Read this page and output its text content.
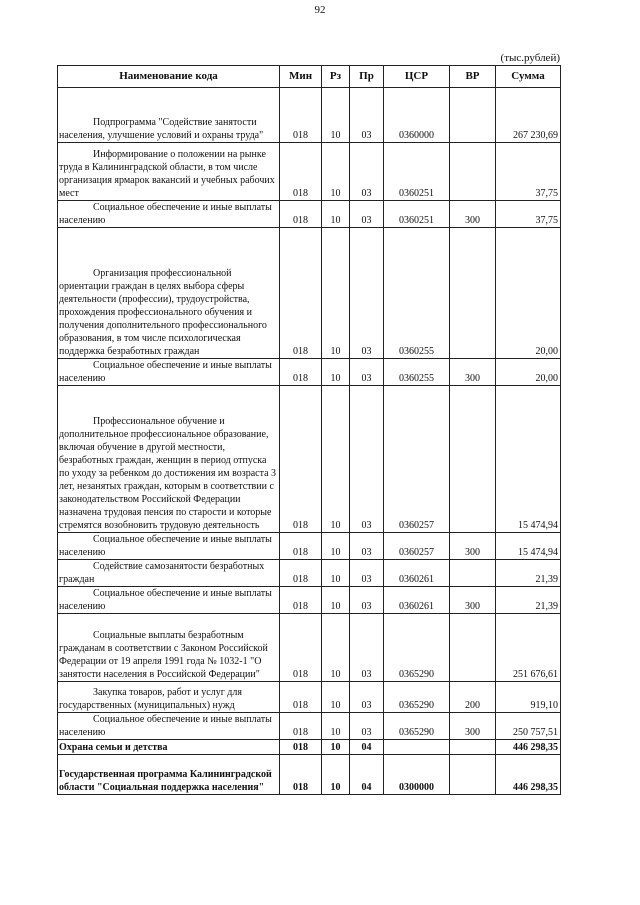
92
(тыс.рублей)
Наименование кода	Мин	Рз	Пр	ЦСР	ВР	Сумма
Подпрограмма "Содействие занятости населения, улучшение условий и охраны труда"	018	10	03	0360000		267 230,69
Информирование о положении на рынке труда в Калининградской области, в том числе организация ярмарок вакансий и учебных рабочих мест	018	10	03	0360251		37,75
Социальное обеспечение и иные выплаты населению	018	10	03	0360251	300	37,75
Организация профессиональной ориентации граждан в целях выбора сферы деятельности (профессии), трудоустройства, прохождения профессионального обучения и получения дополнительного профессионального образования, в том числе психологическая поддержка безработных граждан	018	10	03	0360255		20,00
Социальное обеспечение и иные выплаты населению	018	10	03	0360255	300	20,00
Профессиональное обучение и дополнительное профессиональное образование, включая обучение в другой местности, безработных граждан, женщин в период отпуска по уходу за ребенком до достижения им возраста 3 лет, незанятых граждан, которым в соответствии с законодательством Российской Федерации назначена трудовая пенсия по старости и которые стремятся возобновить трудовую деятельность	018	10	03	0360257		15 474,94
Социальное обеспечение и иные выплаты населению	018	10	03	0360257	300	15 474,94
Содействие самозанятости безработных граждан	018	10	03	0360261		21,39
Социальное обеспечение и иные выплаты населению	018	10	03	0360261	300	21,39
Социальные выплаты безработным гражданам в соответствии с Законом Российской Федерации от 19 апреля 1991 года № 1032-1 "О занятости населения в Российской Федерации"	018	10	03	0365290		251 676,61
Закупка товаров, работ и услуг для государственных (муниципальных) нужд	018	10	03	0365290	200	919,10
Социальное обеспечение и иные выплаты населению	018	10	03	0365290	300	250 757,51
Охрана семьи и детства	018	10	04			446 298,35
Государственная программа Калининградской области "Социальная поддержка населения"	018	10	04	0300000		446 298,35
